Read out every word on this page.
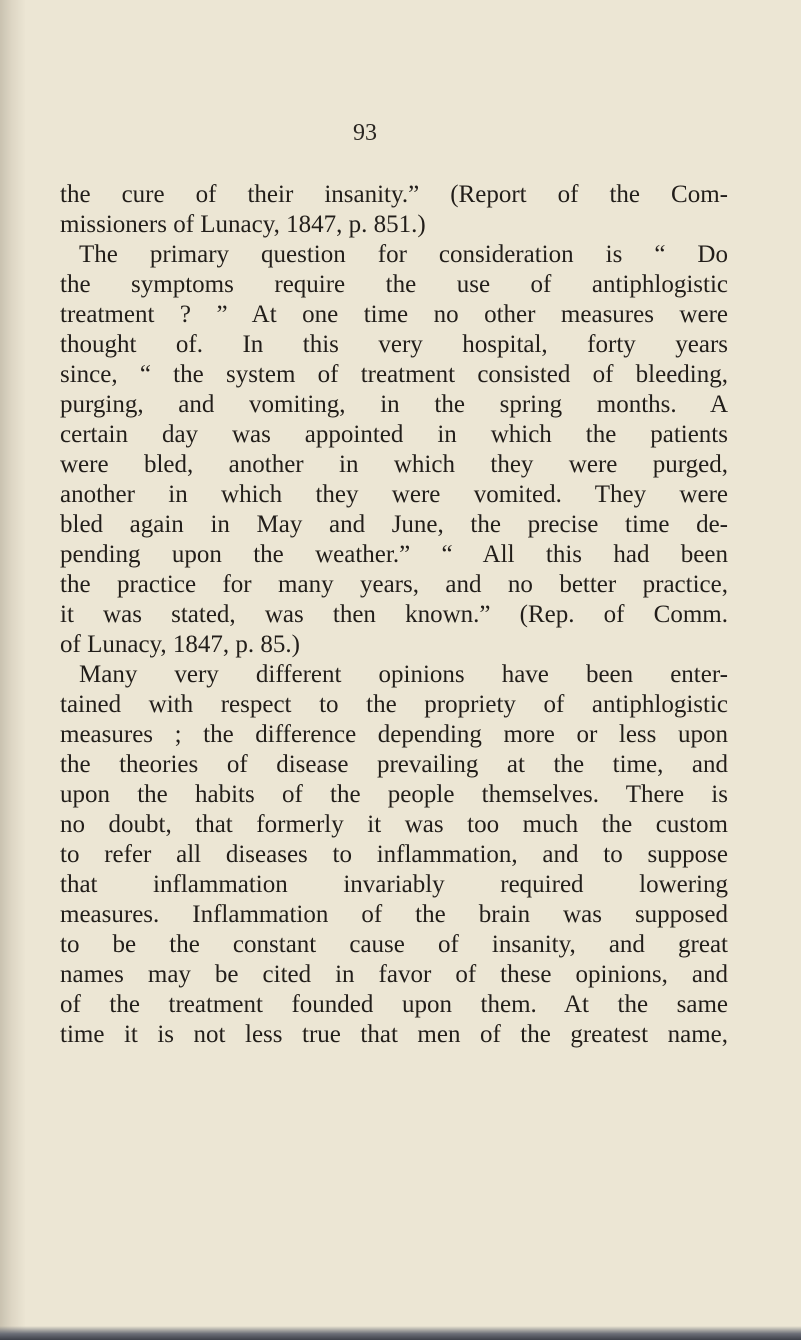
93

the cure of their insanity.” (Report of the Com-
missioners of Lunacy, 1847, p. 851.)
The primary question for consideration is “ Do
the symptoms require the use of antiphlogistic
treatment ? ” At one time no other measures were
thought of. In this very hospital, forty years
since, “ the system of treatment consisted of bleeding,
purging, and vomiting, in the spring months. A
certain day was appointed in which the patients
were bled, another in which they were purged,
another in which they were vomited. They were
bled again in May and June, the precise time de-
pending upon the weather.” “ All this had been
the practice for many years, and no better practice,
it was stated, was then known.” (Rep. of Comm.
of Lunacy, 1847, p. 85.)
Many very different opinions have been enter-
tained with respect to the propriety of antiphlogistic
measures ; the difference depending more or less upon
the theories of disease prevailing at the time, and
upon the habits of the people themselves. There is
no doubt, that formerly it was too much the custom
to refer all diseases to inflammation, and to suppose
that inflammation invariably required lowering
measures. Inflammation of the brain was supposed
to be the constant cause of insanity, and great
names may be cited in favor of these opinions, and
of the treatment founded upon them. At the same
time it is not less true that men of the greatest name,
